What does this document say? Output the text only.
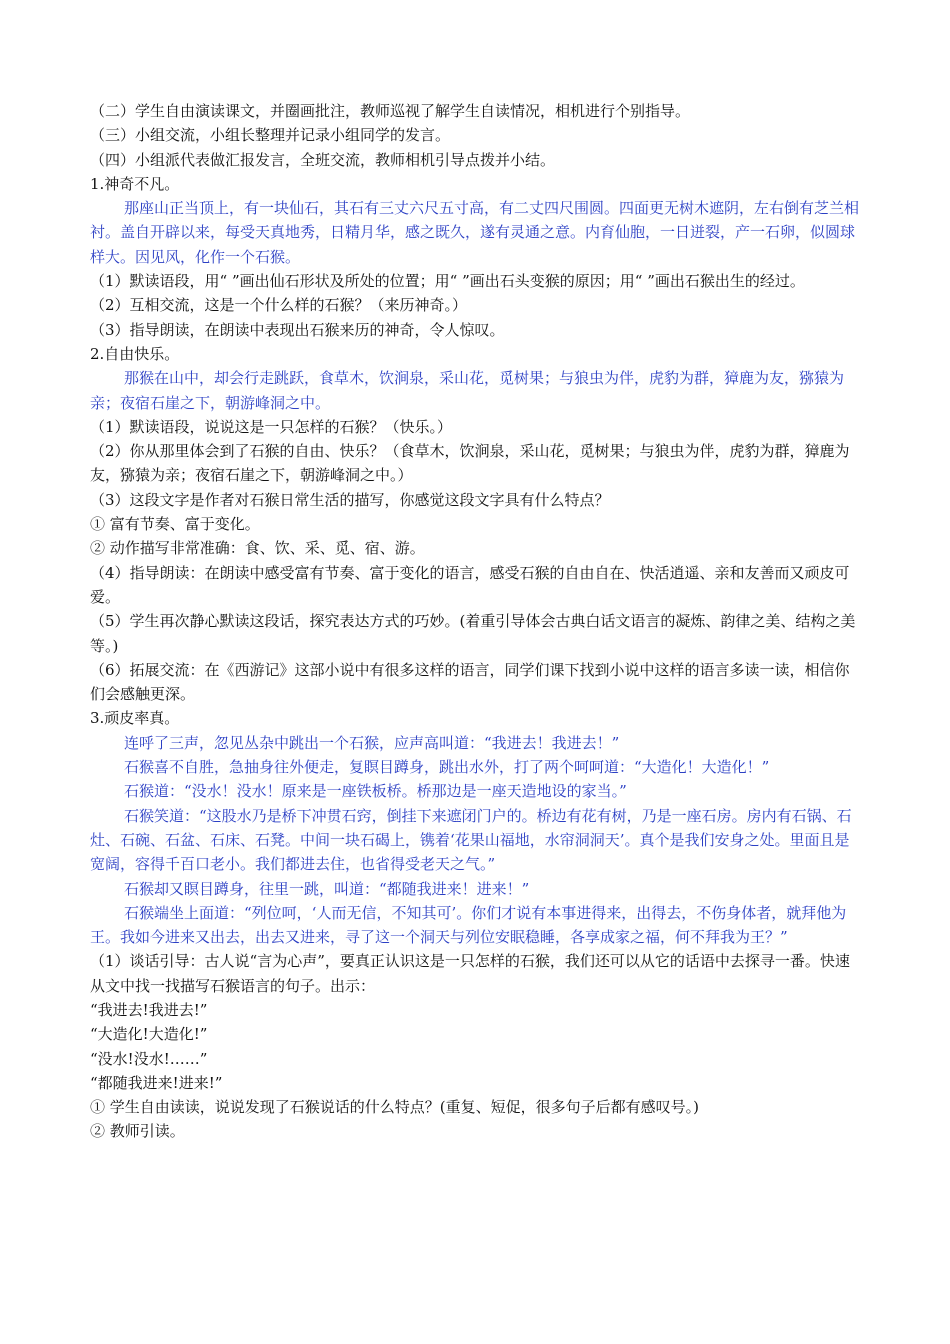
（二）学生自由演读课文，并圈画批注，教师巡视了解学生自读情况，相机进行个别指导。

（三）小组交流，小组长整理并记录小组同学的发言。

（四）小组派代表做汇报发言，全班交流，教师相机引导点拨并小结。

1.神奇不凡。

那座山正当顶上，有一块仙石，其石有三丈六尺五寸高，有二丈四尺围圆。四面更无树木遮阴，左右倒有芝兰相衬。盖自开辟以来，每受天真地秀，日精月华，感之既久，遂有灵通之意。内育仙胞，一日迸裂，产一石卵，似圆球样大。因见风，化作一个石猴。

（1）默读语段，用“ ”画出仙石形状及所处的位置；用“ ”画出石头变猴的原因；用“ ”画出石猴出生的经过。

（2）互相交流，这是一个什么样的石猴？（来历神奇。）

（3）指导朗读，在朗读中表现出石猴来历的神奇，令人惊叹。

2.自由快乐。

那猴在山中，却会行走跳跃，食草木，饮涧泉，采山花，觅树果；与狼虫为伴，虎豹为群，獐鹿为友，猕猿为亲；夜宿石崖之下，朝游峰洞之中。

（1）默读语段，说说这是一只怎样的石猴？（快乐。）

（2）你从那里体会到了石猴的自由、快乐？（食草木，饮涧泉，采山花，觅树果；与狼虫为伴，虎豹为群，獐鹿为友，猕猿为亲；夜宿石崖之下，朝游峰洞之中。）

（3）这段文字是作者对石猴日常生活的描写，你感觉这段文字具有什么特点？

① 富有节奏、富于变化。

② 动作描写非常准确：食、饮、采、觅、宿、游。

（4）指导朗读：在朗读中感受富有节奏、富于变化的语言，感受石猴的自由自在、快活逍遥、亲和友善而又顽皮可爱。

（5）学生再次静心默读这段话，探究表达方式的巧妙。(着重引导体会古典白话文语言的凝炼、韵律之美、结构之美等。)

（6）拓展交流：在《西游记》这部小说中有很多这样的语言，同学们课下找到小说中这样的语言多读一读，相信你们会感触更深。

3.顽皮率真。

连呼了三声，忽见丛杂中跳出一个石猴，应声高叫道：“我进去！我进去！”

石猴喜不自胜，急抽身往外便走，复瞑目蹲身，跳出水外，打了两个呵呵道：“大造化！大造化！”

石猴道：“没水！没水！原来是一座铁板桥。桥那边是一座天造地设的家当。”

石猴笑道：“这股水乃是桥下冲贯石窍，倒挂下来遮闭门户的。桥边有花有树，乃是一座石房。房内有石锅、石灶、石碗、石盆、石床、石凳。中间一块石碣上，镌着‘花果山福地，水帘洞洞天’。真个是我们安身之处。里面且是宽阔，容得千百口老小。我们都进去住，也省得受老天之气。”

石猴却又瞑目蹲身，往里一跳，叫道：“都随我进来！进来！”

石猴端坐上面道：“列位呵，‘人而无信，不知其可’。你们才说有本事进得来，出得去，不伤身体者，就拜他为王。我如今进来又出去，出去又进来，寻了这一个洞天与列位安眠稳睡，各享成家之福，何不拜我为王？”

（1）谈话引导：古人说“言为心声”，要真正认识这是一只怎样的石猴，我们还可以从它的话语中去探寻一番。快速从文中找一找描写石猴语言的句子。出示：

“我进去!我进去!”

“大造化!大造化!”

“没水!没水!……”

“都随我进来!进来!”

① 学生自由读读，说说发现了石猴说话的什么特点？(重复、短促，很多句子后都有感叹号。)

② 教师引读。
